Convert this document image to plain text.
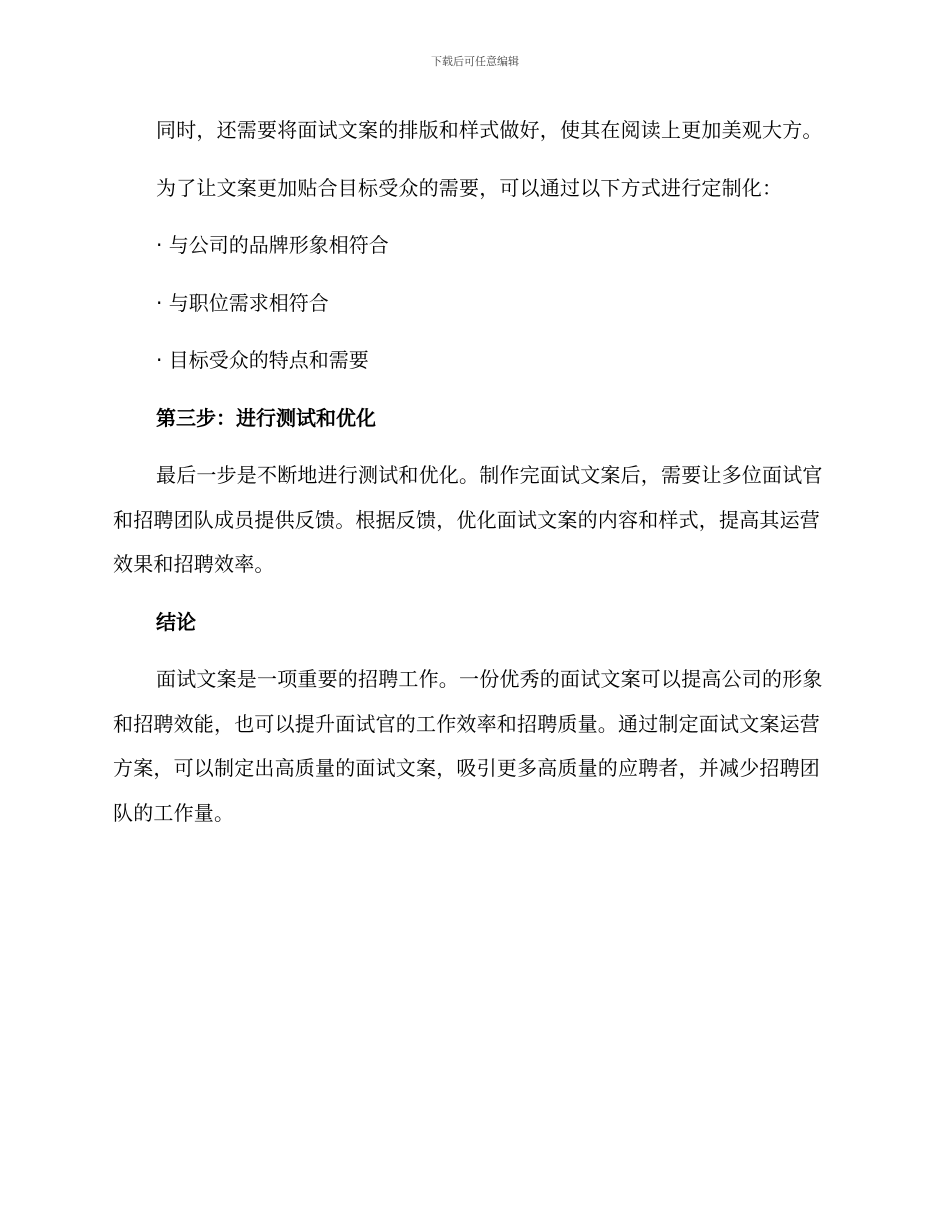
下载后可任意编辑

同时，还需要将面试文案的排版和样式做好，使其在阅读上更加美观大方。

为了让文案更加贴合目标受众的需要，可以通过以下方式进行定制化：

· 与公司的品牌形象相符合

· 与职位需求相符合

· 目标受众的特点和需要

第三步：进行测试和优化

最后一步是不断地进行测试和优化。制作完面试文案后，需要让多位面试官和招聘团队成员提供反馈。根据反馈，优化面试文案的内容和样式，提高其运营效果和招聘效率。

结论

面试文案是一项重要的招聘工作。一份优秀的面试文案可以提高公司的形象和招聘效能，也可以提升面试官的工作效率和招聘质量。通过制定面试文案运营方案，可以制定出高质量的面试文案，吸引更多高质量的应聘者，并减少招聘团队的工作量。
